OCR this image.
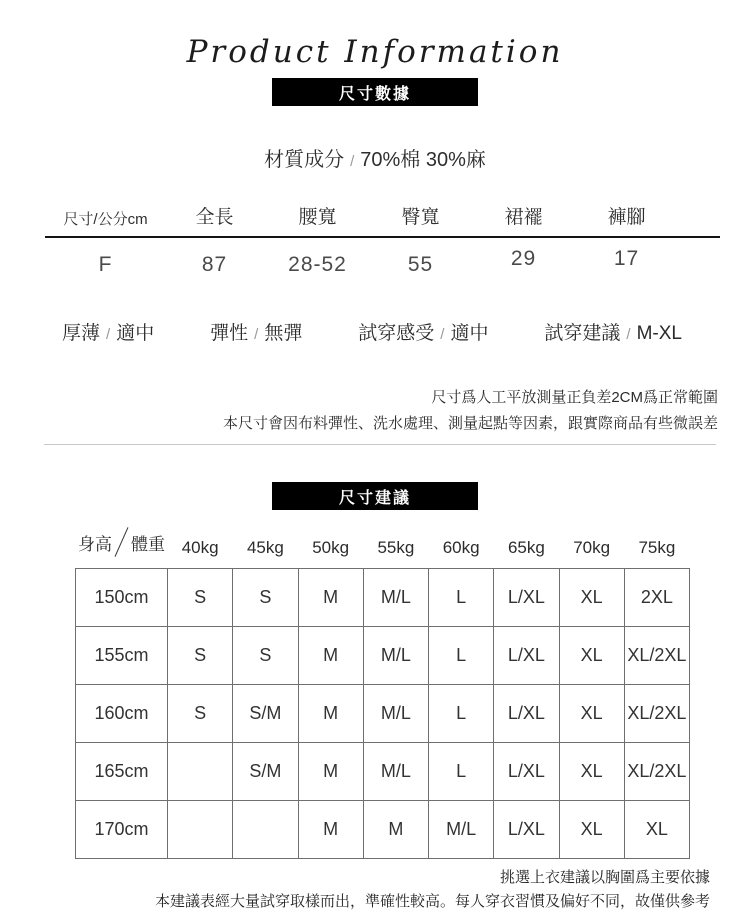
Product Information
尺寸數據
材質成分 / 70%棉 30%麻
尺寸/公分cm	全長	腰寬	臀寬	裙襬	褲腳
F	87	28-52	55	29	17
厚薄 / 適中	彈性 / 無彈	試穿感受 / 適中	試穿建議 / M-XL
尺寸爲人工平放測量正負差2CM爲正常範圍
本尺寸會因布料彈性、洗水處理、測量起點等因素，跟實際商品有些微誤差
尺寸建議
身高 體重	40kg	45kg	50kg	55kg	60kg	65kg	70kg	75kg
150cm	S	S	M	M/L	L	L/XL	XL	2XL
155cm	S	S	M	M/L	L	L/XL	XL	XL/2XL
160cm	S	S/M	M	M/L	L	L/XL	XL	XL/2XL
165cm		S/M	M	M/L	L	L/XL	XL	XL/2XL
170cm			M	M	M/L	L/XL	XL	XL
挑選上衣建議以胸圍爲主要依據
本建議表經大量試穿取樣而出，準確性較高。每人穿衣習慣及偏好不同，故僅供參考
